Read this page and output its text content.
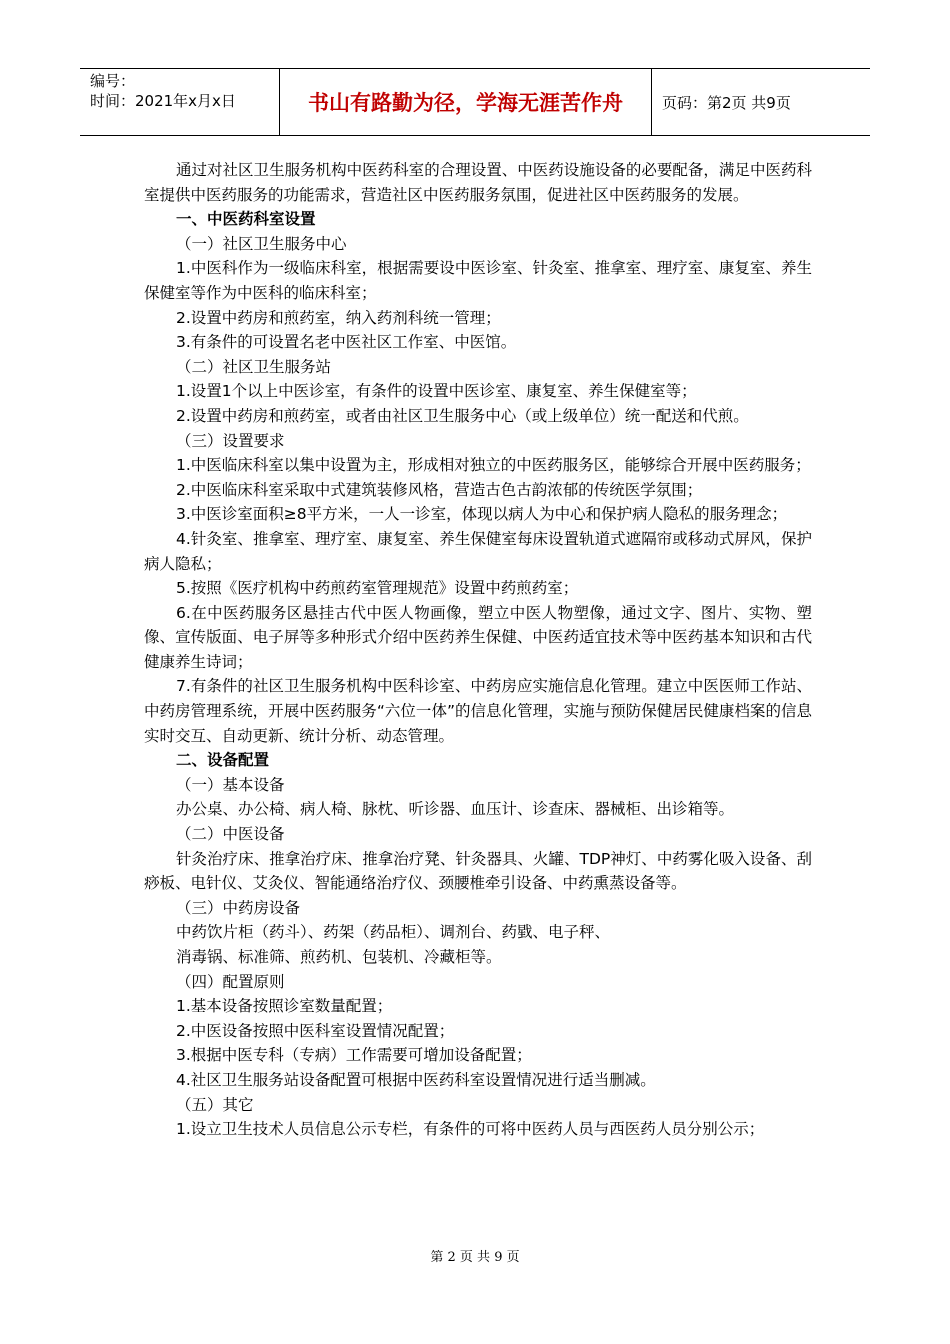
编号：
时间：2021年x月x日	书山有路勤为径，学海无涯苦作舟	页码：第2页 共9页

通过对社区卫生服务机构中医药科室的合理设置、中医药设施设备的必要配备，满足中医药科室提供中医药服务的功能需求，营造社区中医药服务氛围，促进社区中医药服务的发展。

一、中医药科室设置

（一）社区卫生服务中心

1.中医科作为一级临床科室，根据需要设中医诊室、针灸室、推拿室、理疗室、康复室、养生保健室等作为中医科的临床科室；

2.设置中药房和煎药室，纳入药剂科统一管理；

3.有条件的可设置名老中医社区工作室、中医馆。

（二）社区卫生服务站

1.设置1个以上中医诊室，有条件的设置中医诊室、康复室、养生保健室等；

2.设置中药房和煎药室，或者由社区卫生服务中心（或上级单位）统一配送和代煎。

（三）设置要求

1.中医临床科室以集中设置为主，形成相对独立的中医药服务区，能够综合开展中医药服务；

2.中医临床科室采取中式建筑装修风格，营造古色古韵浓郁的传统医学氛围；

3.中医诊室面积≥8平方米，一人一诊室，体现以病人为中心和保护病人隐私的服务理念；

4.针灸室、推拿室、理疗室、康复室、养生保健室每床设置轨道式遮隔帘或移动式屏风，保护病人隐私；

5.按照《医疗机构中药煎药室管理规范》设置中药煎药室；

6.在中医药服务区悬挂古代中医人物画像，塑立中医人物塑像，通过文字、图片、实物、塑像、宣传版面、电子屏等多种形式介绍中医药养生保健、中医药适宜技术等中医药基本知识和古代健康养生诗词；

7.有条件的社区卫生服务机构中医科诊室、中药房应实施信息化管理。建立中医医师工作站、中药房管理系统，开展中医药服务“六位一体”的信息化管理，实施与预防保健居民健康档案的信息实时交互、自动更新、统计分析、动态管理。

二、设备配置

（一）基本设备

办公桌、办公椅、病人椅、脉枕、听诊器、血压计、诊查床、器械柜、出诊箱等。

（二）中医设备

针灸治疗床、推拿治疗床、推拿治疗凳、针灸器具、火罐、TDP神灯、中药雾化吸入设备、刮痧板、电针仪、艾灸仪、智能通络治疗仪、颈腰椎牵引设备、中药熏蒸设备等。

（三）中药房设备

中药饮片柜（药斗）、药架（药品柜）、调剂台、药戥、电子秤、

消毒锅、标准筛、煎药机、包装机、冷藏柜等。

（四）配置原则

1.基本设备按照诊室数量配置；

2.中医设备按照中医科室设置情况配置；

3.根据中医专科（专病）工作需要可增加设备配置；

4.社区卫生服务站设备配置可根据中医药科室设置情况进行适当删减。

（五）其它

1.设立卫生技术人员信息公示专栏，有条件的可将中医药人员与西医药人员分别公示；

第 2 页 共 9 页
